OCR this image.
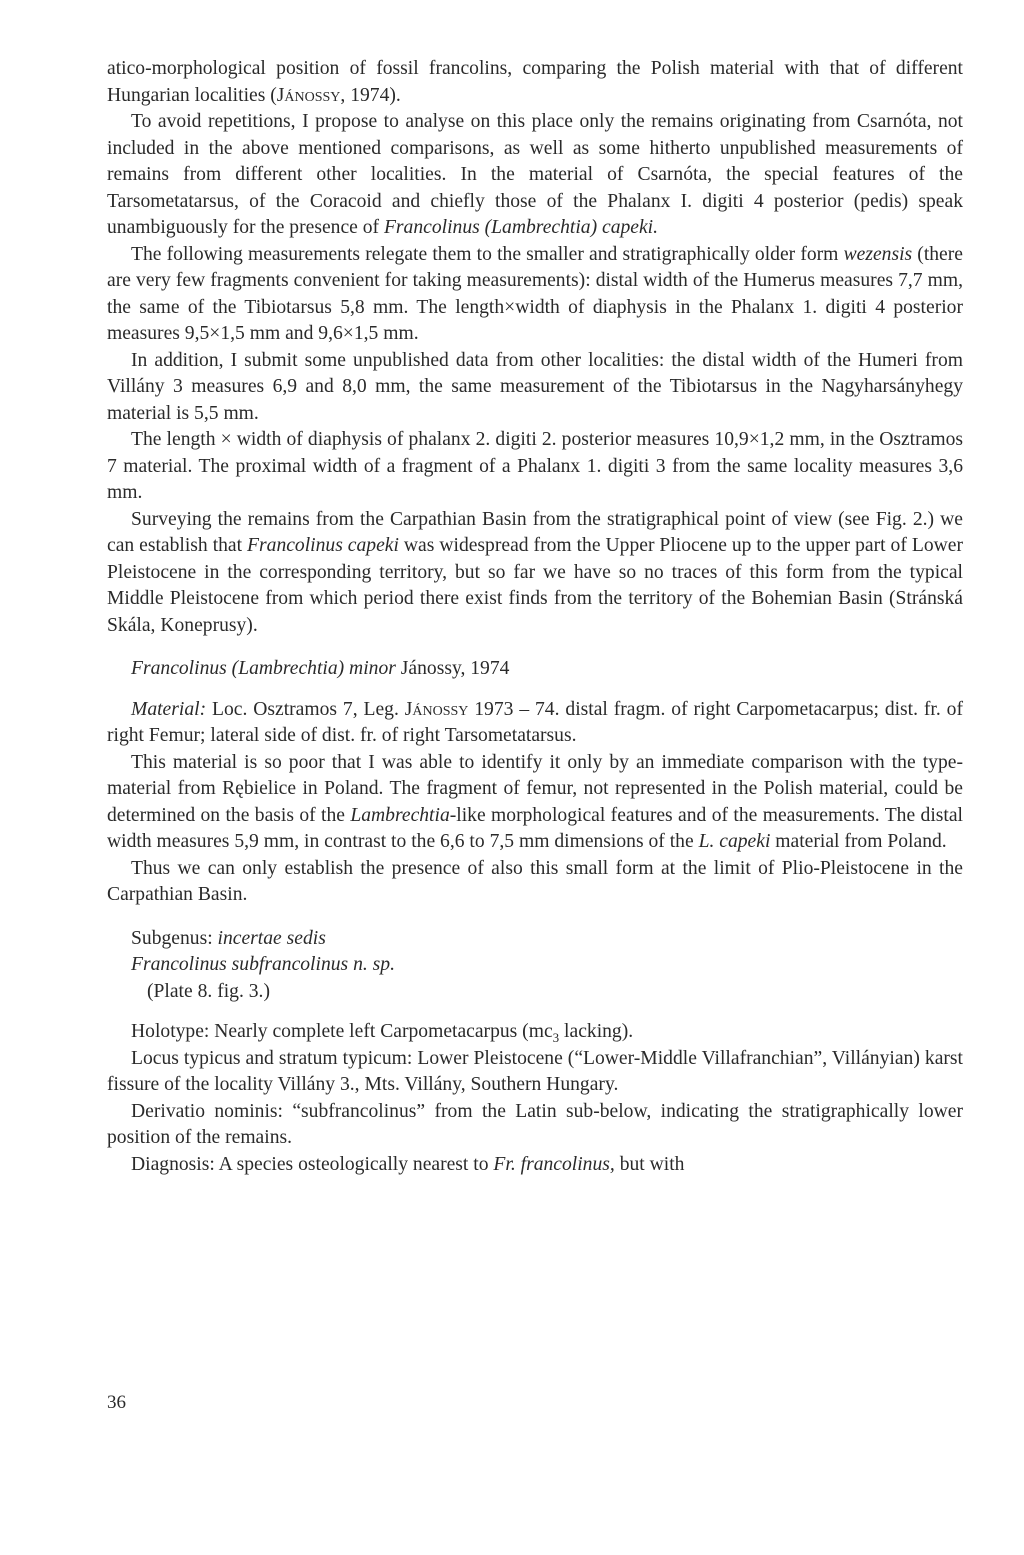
atico-morphological position of fossil francolins, comparing the Polish material with that of different Hungarian localities (Jánossy, 1974).

To avoid repetitions, I propose to analyse on this place only the remains originating from Csarnóta, not included in the above mentioned comparisons, as well as some hitherto unpublished measurements of remains from different other localities. In the material of Csarnóta, the special features of the Tarsometatarsus, of the Coracoid and chiefly those of the Phalanx I. digiti 4 posterior (pedis) speak unambiguously for the presence of Francolinus (Lambrechtia) capeki.

The following measurements relegate them to the smaller and stratigraphically older form wezensis (there are very few fragments convenient for taking measurements): distal width of the Humerus measures 7,7 mm, the same of the Tibiotarsus 5,8 mm. The length×width of diaphysis in the Phalanx 1. digiti 4 posterior measures 9,5×1,5 mm and 9,6×1,5 mm.

In addition, I submit some unpublished data from other localities: the distal width of the Humeri from Villány 3 measures 6,9 and 8,0 mm, the same measurement of the Tibiotarsus in the Nagyharsányhegy material is 5,5 mm.

The length × width of diaphysis of phalanx 2. digiti 2. posterior measures 10,9×1,2 mm, in the Osztramos 7 material. The proximal width of a fragment of a Phalanx 1. digiti 3 from the same locality measures 3,6 mm.

Surveying the remains from the Carpathian Basin from the stratigraphical point of view (see Fig. 2.) we can establish that Francolinus capeki was widespread from the Upper Pliocene up to the upper part of Lower Pleistocene in the corresponding territory, but so far we have so no traces of this form from the typical Middle Pleistocene from which period there exist finds from the territory of the Bohemian Basin (Stránská Skála, Koneprusy).

Francolinus (Lambrechtia) minor Jánossy, 1974

Material: Loc. Osztramos 7, Leg. Jánossy 1973 – 74. distal fragm. of right Carpometacarpus; dist. fr. of right Femur; lateral side of dist. fr. of right Tarsometatarsus.

This material is so poor that I was able to identify it only by an immediate comparison with the type-material from Rębielice in Poland. The fragment of femur, not represented in the Polish material, could be determined on the basis of the Lambrechtia-like morphological features and of the measurements. The distal width measures 5,9 mm, in contrast to the 6,6 to 7,5 mm dimensions of the L. capeki material from Poland.

Thus we can only establish the presence of also this small form at the limit of Plio-Pleistocene in the Carpathian Basin.

Subgenus: incertae sedis

Francolinus subfrancolinus n. sp.

(Plate 8. fig. 3.)

Holotype: Nearly complete left Carpometacarpus ($mc_3$ lacking).

Locus typicus and stratum typicum: Lower Pleistocene (“Lower-Middle Villafranchian”, Villányian) karst fissure of the locality Villány 3., Mts. Villány, Southern Hungary.

Derivatio nominis: “subfrancolinus” from the Latin sub-below, indicating the stratigraphically lower position of the remains.

Diagnosis: A species osteologically nearest to Fr. francolinus, but with

36
